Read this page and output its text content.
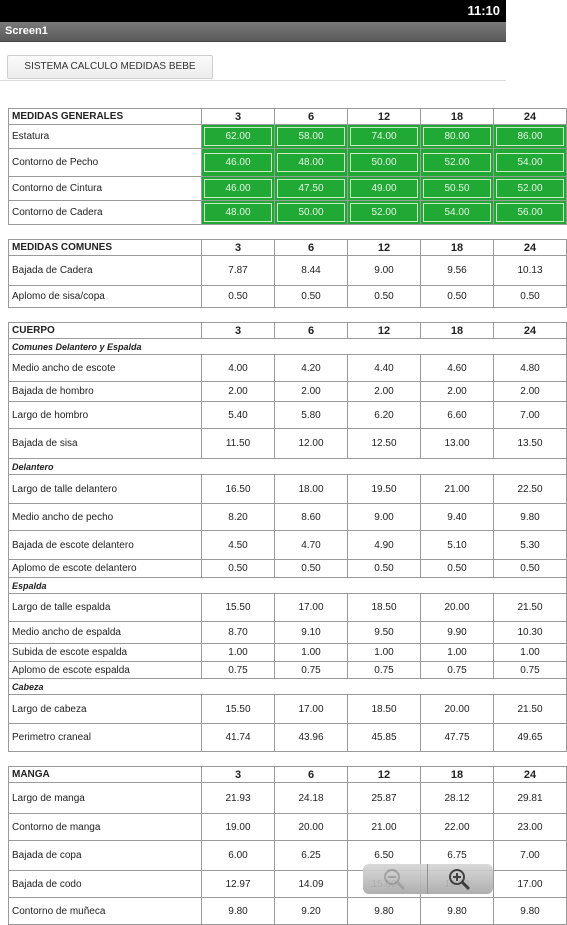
11:10
Screen1
SISTEMA CALCULO MEDIDAS BEBE
MEDIDAS GENERALES	3	6	12	18	24
Estatura	62.00	58.00	74.00	80.00	86.00

Contorno de Pecho	46.00	48.00	50.00	52.00	54.00

Contorno de Cintura	46.00	47.50	49.00	50.50	52.00

Contorno de Cadera	48.00	50.00	52.00	54.00	56.00

MEDIDAS COMUNES	3	6	12	18	24
Bajada de Cadera	7.87	8.44	9.00	9.56	10.13
Aplomo de sisa/copa	0.50	0.50	0.50	0.50	0.50

CUERPO	3	6	12	18	24
Comunes Delantero y Espalda					
Medio ancho de escote	4.00	4.20	4.40	4.60	4.80
Bajada de hombro	2.00	2.00	2.00	2.00	2.00
Largo de hombro	5.40	5.80	6.20	6.60	7.00
Bajada de sisa	11.50	12.00	12.50	13.00	13.50
Delantero					
Largo de talle delantero	16.50	18.00	19.50	21.00	22.50
Medio ancho de pecho	8.20	8.60	9.00	9.40	9.80
Bajada de escote delantero	4.50	4.70	4.90	5.10	5.30
Aplomo de escote delantero	0.50	0.50	0.50	0.50	0.50
Espalda					
Largo de talle espalda	15.50	17.00	18.50	20.00	21.50
Medio ancho de espalda	8.70	9.10	9.50	9.90	10.30
Subida de escote espalda	1.00	1.00	1.00	1.00	1.00
Aplomo de escote espalda	0.75	0.75	0.75	0.75	0.75
Cabeza					
Largo de cabeza	15.50	17.00	18.50	20.00	21.50
Perimetro craneal	41.74	43.96	45.85	47.75	49.65

MANGA	3	6	12	18	24
Largo de manga	21.93	24.18	25.87	28.12	29.81
Contorno de manga	19.00	20.00	21.00	22.00	23.00
Bajada de copa	6.00	6.25	6.50	6.75	7.00
Bajada de codo	12.97	14.09			17.00
Contorno de muñeca	9.80	9.20	9.80	9.80	9.80
